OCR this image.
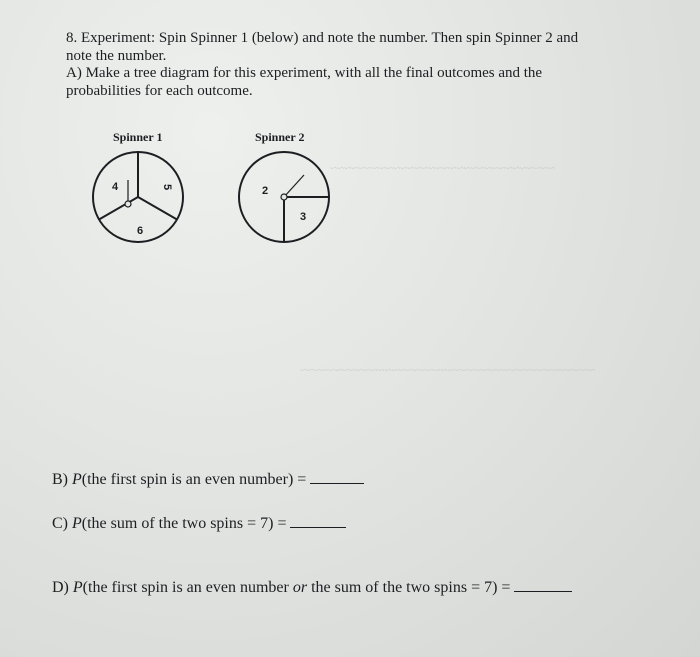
~~~~~~~~~~~~~~~~~~~~~~~~~~~~~~~~
~~~~~~~~~~~~~~~~~~~~~~~~~~~~~~~~~~~~~~~~~~
8. Experiment: Spin Spinner 1 (below) and note the number. Then spin Spinner 2 and
note the number.
A) Make a tree diagram for this experiment, with all the final outcomes and the
probabilities for each outcome.
Spinner 1	Spinner 2
4	5
6
2
3
B) P(the first spin is an even number) =
C) P(the sum of the two spins = 7) =
D) P(the first spin is an even number or the sum of the two spins = 7) =
